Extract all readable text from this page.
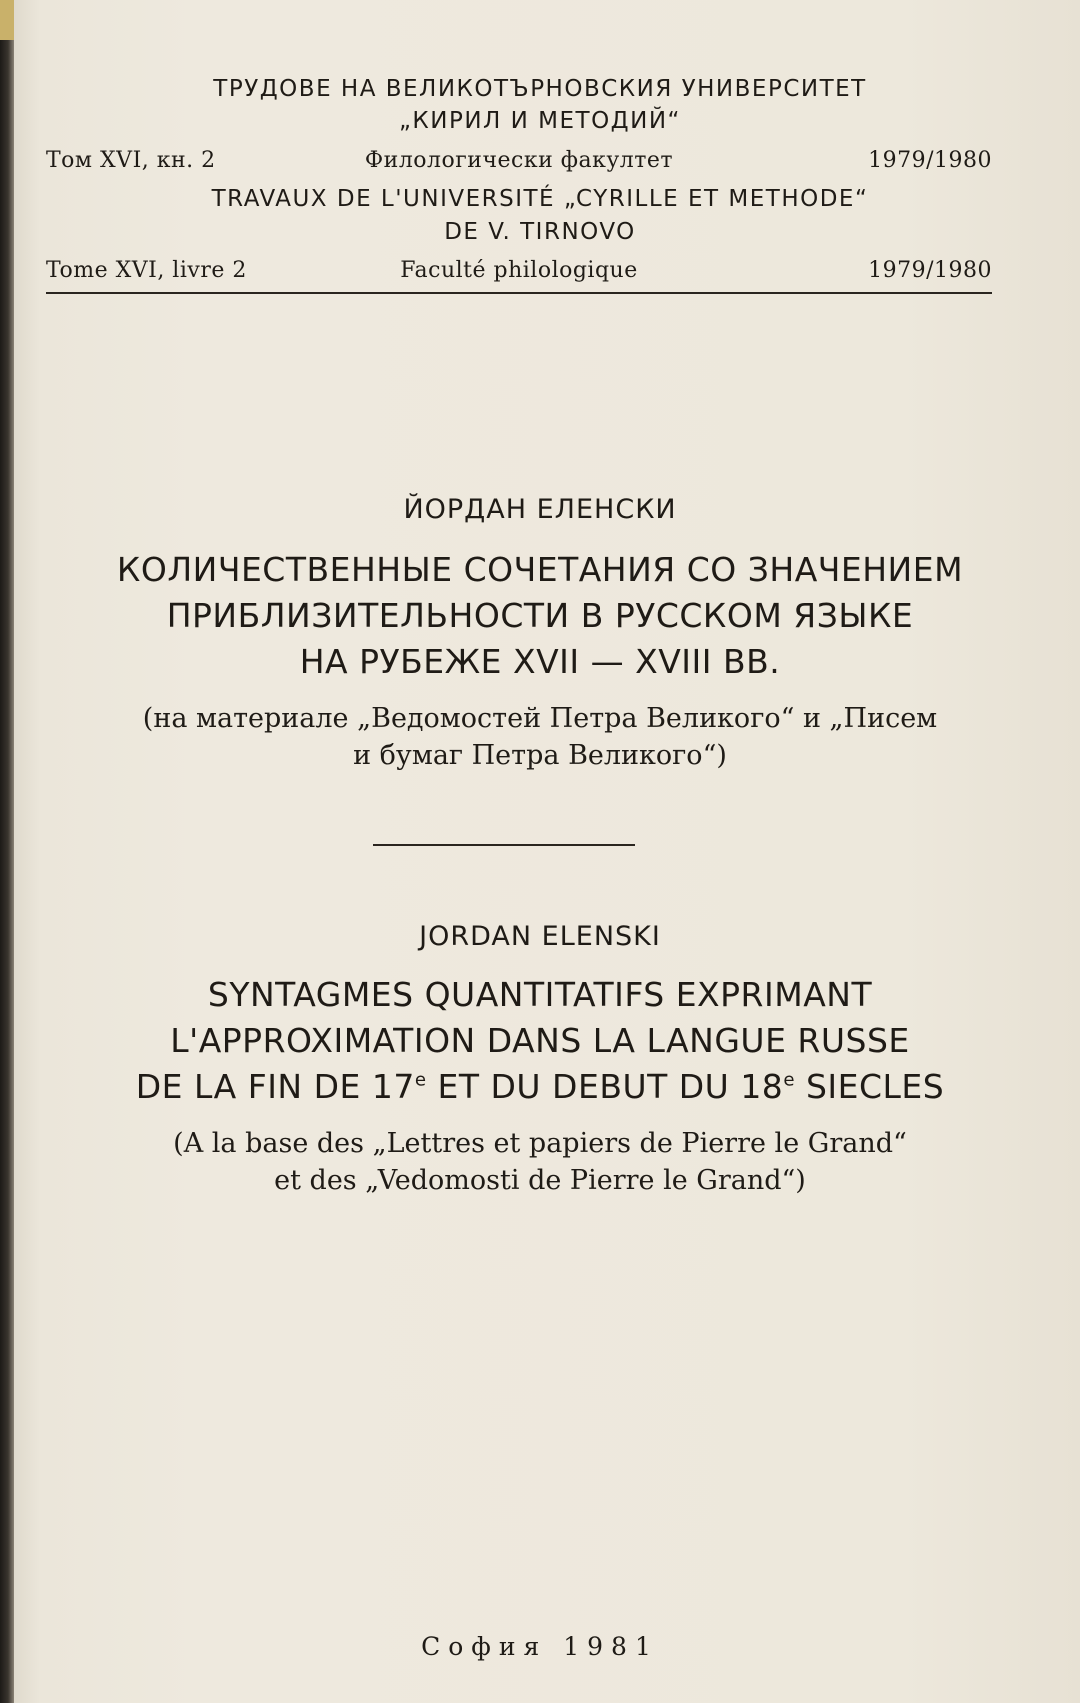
ТРУДОВЕ НА ВЕЛИКОТЪРНОВСКИЯ УНИВЕРСИТЕТ
„КИРИЛ И МЕТОДИЙ“
Том XVI, кн. 2	Филологически факултет	1979/1980
TRAVAUX DE L'UNIVERSITÉ „CYRILLE ET METHODE“
DE V. TIRNOVO
Tome XVI, livre 2	Faculté philologique	1979/1980
ЙОРДАН ЕЛЕНСКИ
КОЛИЧЕСТВЕННЫЕ СОЧЕТАНИЯ СО ЗНАЧЕНИЕМ
ПРИБЛИЗИТЕЛЬНОСТИ В РУССКОМ ЯЗЫКЕ
НА РУБЕЖЕ XVII — XVIII ВВ.
(на материале „Ведомостей Петра Великого“ и „Писем
и бумаг Петра Великого“)
JORDAN ELENSKI
SYNTAGMES QUANTITATIFS EXPRIMANT
L'APPROXIMATION DANS LA LANGUE RUSSE
DE LA FIN DE 17e ET DU DEBUT DU 18e SIECLES
(A la base des „Lettres et papiers de Pierre le Grand“
et des „Vedomosti de Pierre le Grand“)
София 1981
